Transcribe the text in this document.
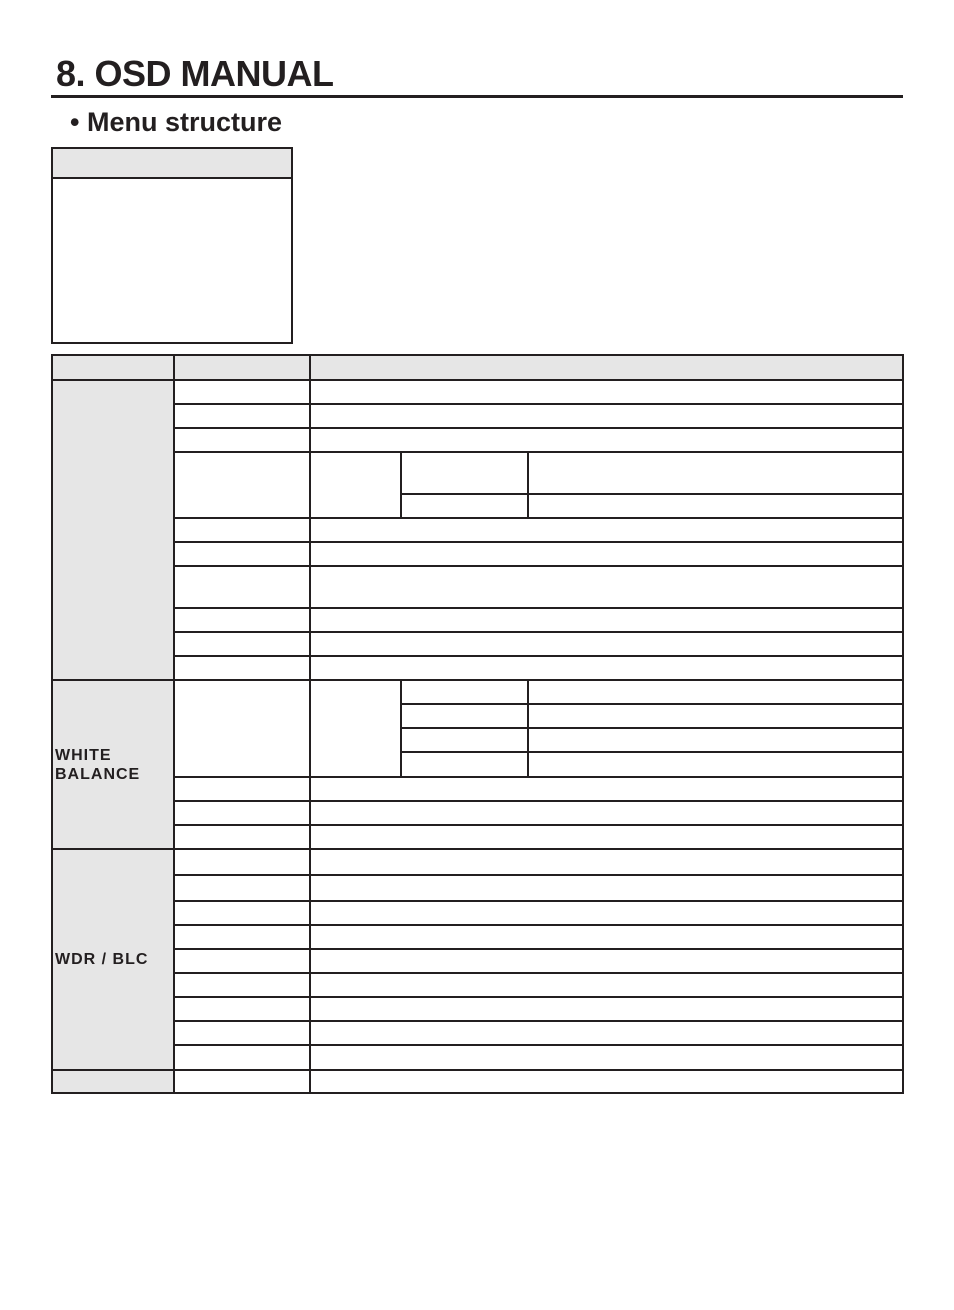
8. OSD MANUAL
• Menu structure
WHITE
BALANCE
WDR / BLC
